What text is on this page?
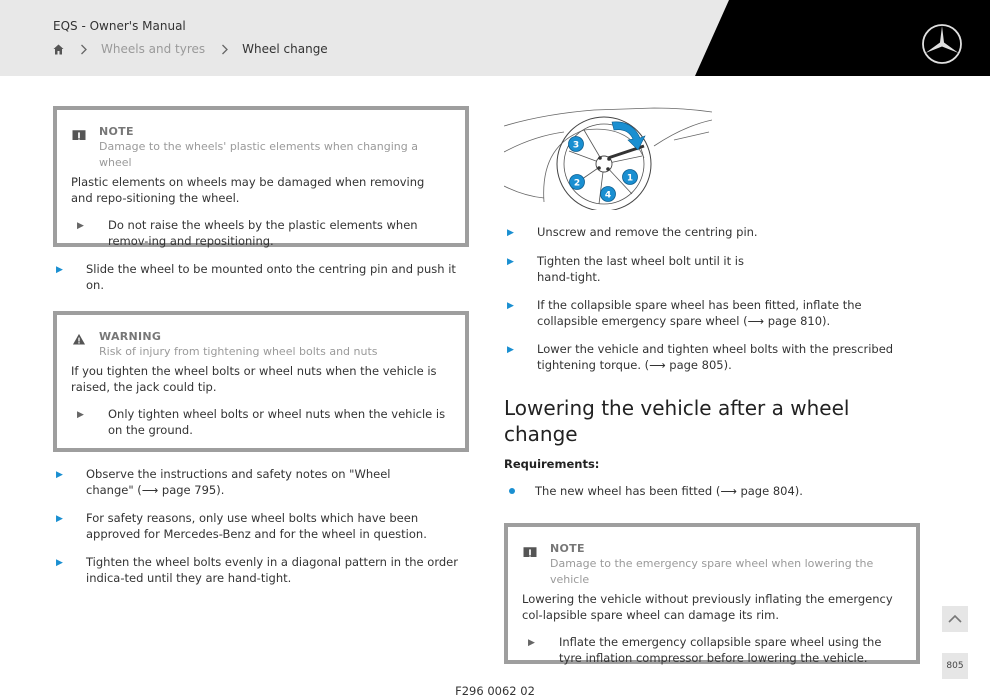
EQS - Owner's Manual
Wheels and tyres	Wheel change
NOTE
Damage to the wheels' plastic elements when changing a wheel
Plastic elements on wheels may be damaged when removing and repo-sitioning the wheel.
▶ Do not raise the wheels by the plastic elements when remov-ing and repositioning.
▶ Slide the wheel to be mounted onto the centring pin and push it on.
WARNING
Risk of injury from tightening wheel bolts and nuts
If you tighten the wheel bolts or wheel nuts when the vehicle is raised, the jack could tip.
▶ Only tighten wheel bolts or wheel nuts when the vehicle is on the ground.
▶ Observe the instructions and safety notes on "Wheel change" (⟶ page 795).
▶ For safety reasons, only use wheel bolts which have been approved for Mercedes-Benz and for the wheel in question.
▶ Tighten the wheel bolts evenly in a diagonal pattern in the order indica-ted until they are hand-tight.
3
2	1
4
▶ Unscrew and remove the centring pin.
▶ Tighten the last wheel bolt until it is hand-tight.
▶ If the collapsible spare wheel has been fitted, inflate the collapsible emergency spare wheel (⟶ page 810).
▶ Lower the vehicle and tighten wheel bolts with the prescribed tightening torque. (⟶ page 805).
Lowering the vehicle after a wheel change
Requirements:
The new wheel has been fitted (⟶ page 804).
NOTE
Damage to the emergency spare wheel when lowering the vehicle
Lowering the vehicle without previously inflating the emergency col-lapsible spare wheel can damage its rim.
▶ Inflate the emergency collapsible spare wheel using the tyre inflation compressor before lowering the vehicle.
805
F296 0062 02
